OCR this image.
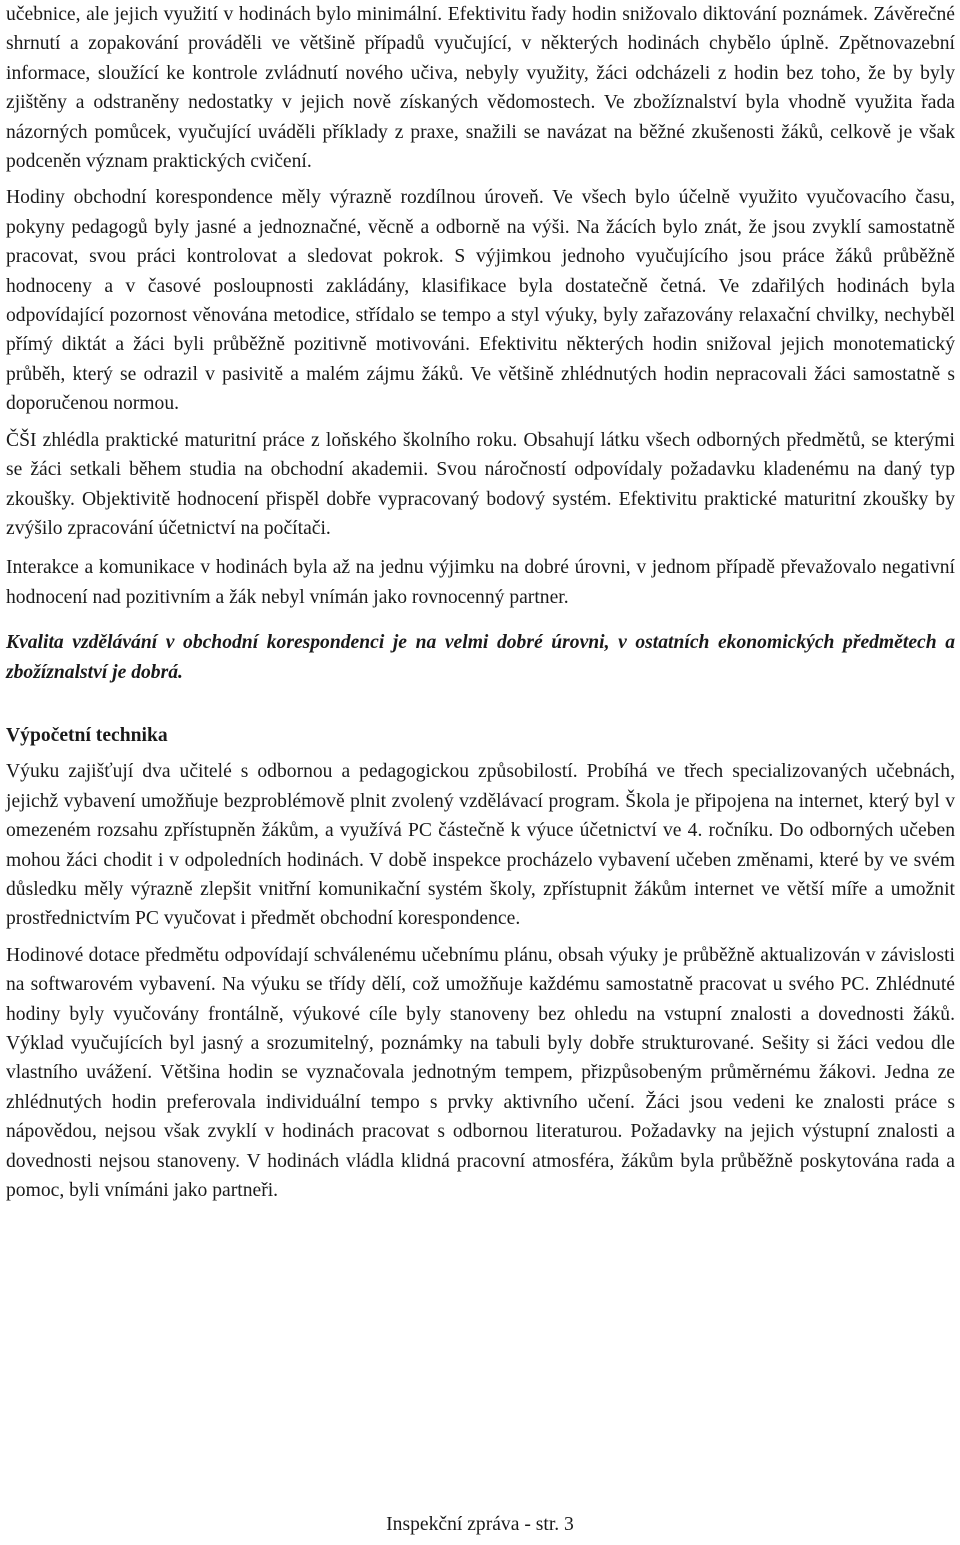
učebnice, ale jejich využití v hodinách bylo minimální. Efektivitu řady hodin snižovalo diktování poznámek. Závěrečné shrnutí a zopakování prováděli ve většině případů vyučující, v některých hodinách chybělo úplně. Zpětnovazební informace, sloužící ke kontrole zvládnutí nového učiva, nebyly využity, žáci odcházeli z hodin bez toho, že by byly zjištěny a odstraněny nedostatky v jejich nově získaných vědomostech. Ve zbožíznalství byla vhodně využita řada názorných pomůcek, vyučující uváděli příklady z praxe, snažili se navázat na běžné zkušenosti žáků, celkově je však podceněn význam praktických cvičení.

Hodiny obchodní korespondence měly výrazně rozdílnou úroveň. Ve všech bylo účelně využito vyučovacího času, pokyny pedagogů byly jasné a jednoznačné, věcně a odborně na výši. Na žácích bylo znát, že jsou zvyklí samostatně pracovat, svou práci kontrolovat a sledovat pokrok. S výjimkou jednoho vyučujícího jsou práce žáků průběžně hodnoceny a v časové posloupnosti zakládány, klasifikace byla dostatečně četná. Ve zdařilých hodinách byla odpovídající pozornost věnována metodice, střídalo se tempo a styl výuky, byly zařazovány relaxační chvilky, nechyběl přímý diktát a žáci byli průběžně pozitivně motivováni. Efektivitu některých hodin snižoval jejich monotematický průběh, který se odrazil v pasivitě a malém zájmu žáků. Ve většině zhlédnutých hodin nepracovali žáci samostatně s doporučenou normou.

ČŠI zhlédla praktické maturitní práce z loňského školního roku. Obsahují látku všech odborných předmětů, se kterými se žáci setkali během studia na obchodní akademii. Svou náročností odpovídaly požadavku kladenému na daný typ zkoušky. Objektivitě hodnocení přispěl dobře vypracovaný bodový systém. Efektivitu praktické maturitní zkoušky by zvýšilo zpracování účetnictví na počítači.

Interakce a komunikace v hodinách byla až na jednu výjimku na dobré úrovni, v jednom případě převažovalo negativní hodnocení nad pozitivním a žák nebyl vnímán jako rovnocenný partner.

Kvalita vzdělávání v obchodní korespondenci je na velmi dobré úrovni, v ostatních ekonomických předmětech a zbožíznalství je dobrá.

Výpočetní technika

Výuku zajišťují dva učitelé s odbornou a pedagogickou způsobilostí. Probíhá ve třech specializovaných učebnách, jejichž vybavení umožňuje bezproblémově plnit zvolený vzdělávací program. Škola je připojena na internet, který byl v omezeném rozsahu zpřístupněn žákům, a využívá PC částečně k výuce účetnictví ve 4. ročníku. Do odborných učeben mohou žáci chodit i v odpoledních hodinách. V době inspekce procházelo vybavení učeben změnami, které by ve svém důsledku měly výrazně zlepšit vnitřní komunikační systém školy, zpřístupnit žákům internet ve větší míře a umožnit prostřednictvím PC vyučovat i předmět obchodní korespondence.

Hodinové dotace předmětu odpovídají schválenému učebnímu plánu, obsah výuky je průběžně aktualizován v závislosti na softwarovém vybavení. Na výuku se třídy dělí, což umožňuje každému samostatně pracovat u svého PC. Zhlédnuté hodiny byly vyučovány frontálně, výukové cíle byly stanoveny bez ohledu na vstupní znalosti a dovednosti žáků. Výklad vyučujících byl jasný a srozumitelný, poznámky na tabuli byly dobře strukturované. Sešity si žáci vedou dle vlastního uvážení. Většina hodin se vyznačovala jednotným tempem, přizpůsobeným průměrnému žákovi. Jedna ze zhlédnutých hodin preferovala individuální tempo s prvky aktivního učení. Žáci jsou vedeni ke znalosti práce s nápovědou, nejsou však zvyklí v hodinách pracovat s odbornou literaturou. Požadavky na jejich výstupní znalosti a dovednosti nejsou stanoveny. V hodinách vládla klidná pracovní atmosféra, žákům byla průběžně poskytována rada a pomoc, byli vnímáni jako partneři.

Inspekční zpráva - str. 3
